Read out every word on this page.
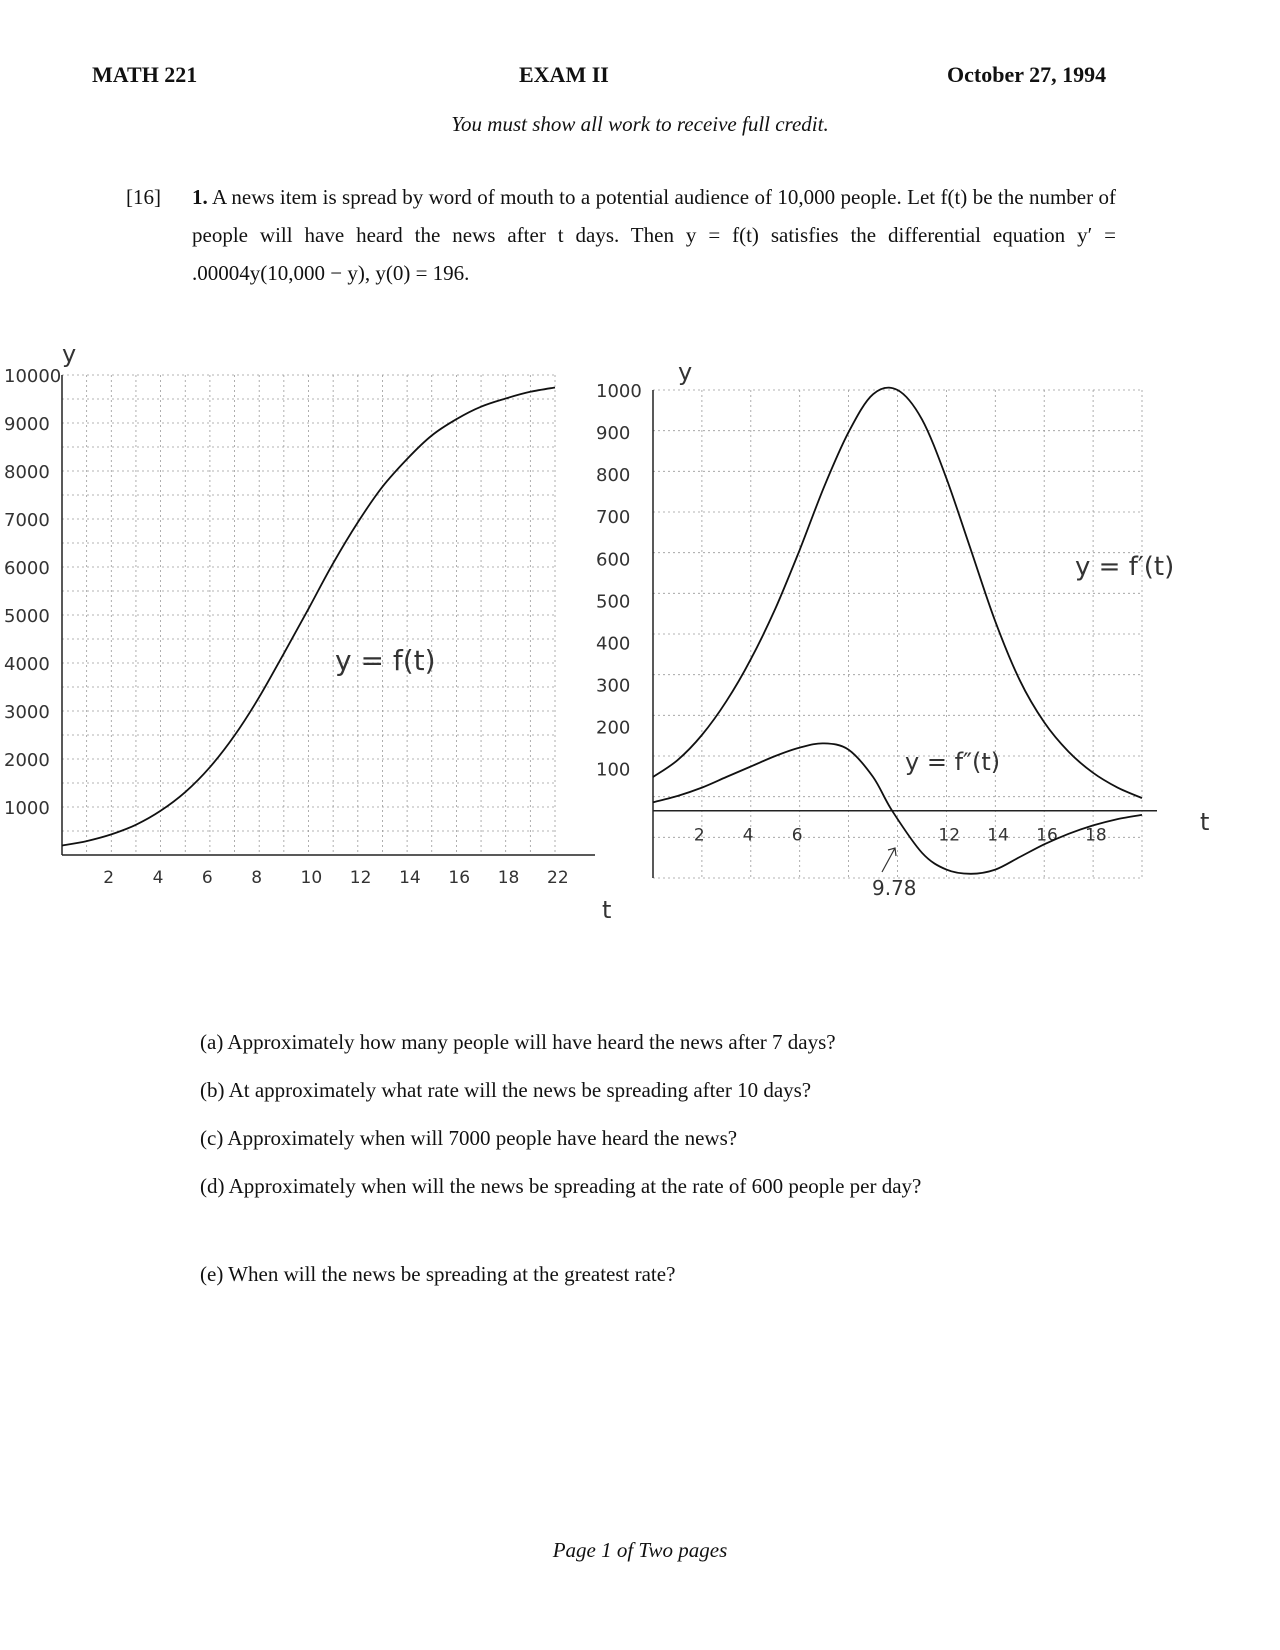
MATH 221	EXAM II	October 27, 1994
You must show all work to receive full credit.
[16] 1. A news item is spread by word of mouth to a potential audience of 10,000 people. Let f(t) be the number of people will have heard the news after t days. Then y = f(t) satisfies the differential equation y′ = .00004y(10,000 − y), y(0) = 196.
y
t
10000
9000
8000
7000
6000
5000
4000
3000
2000
1000
2 4 6 8 10 12 14 16 18 22
y = f(t)
y
t
1000
900
800
700
600
500
400
300
200
100
2 4 6	12 14 16 18
y = f′(t)
y = f″(t)
9.78
(a) Approximately how many people will have heard the news after 7 days?
(b) At approximately what rate will the news be spreading after 10 days?
(c) Approximately when will 7000 people have heard the news?
(d) Approximately when will the news be spreading at the rate of 600 people per day?
(e) When will the news be spreading at the greatest rate?
Page 1 of Two pages
